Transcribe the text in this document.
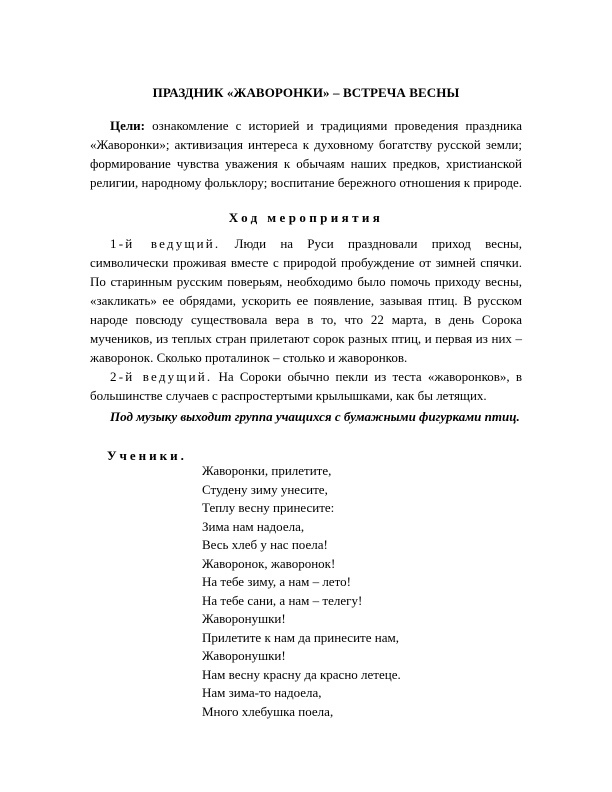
ПРАЗДНИК «ЖАВОРОНКИ» – ВСТРЕЧА ВЕСНЫ
Цели: ознакомление с историей и традициями проведения праздника «Жаворонки»; активизация интереса к духовному богатству русской земли; формирование чувства уважения к обычаям наших предков, христианской религии, народному фольклору; воспитание бережного отношения к природе.
Ход мероприятия
1-й ведущий. Люди на Руси праздновали приход весны, символически проживая вместе с природой пробуждение от зимней спячки. По старинным русским поверьям, необходимо было помочь приходу весны, «закликать» ее обрядами, ускорить ее появление, зазывая птиц. В русском народе повсюду существовала вера в то, что 22 марта, в день Сорока мучеников, из теплых стран прилетают сорок разных птиц, и первая из них – жаворонок. Сколько проталинок – столько и жаворонков.
2-й ведущий. На Сороки обычно пекли из теста «жаворонков», в большинстве случаев с распростертыми крылышками, как бы летящих.
Под музыку выходит группа учащихся с бумажными фигурками птиц.
Ученики.
Жаворонки, прилетите,
Студену зиму унесите,
Теплу весну принесите:
Зима нам надоела,
Весь хлеб у нас поела!
Жаворонок, жаворонок!
На тебе зиму, а нам – лето!
На тебе сани, а нам – телегу!
Жаворонушки!
Прилетите к нам да принесите нам,
Жаворонушки!
Нам весну красну да красно летеце.
Нам зима-то надоела,
Много хлебушка поела,
